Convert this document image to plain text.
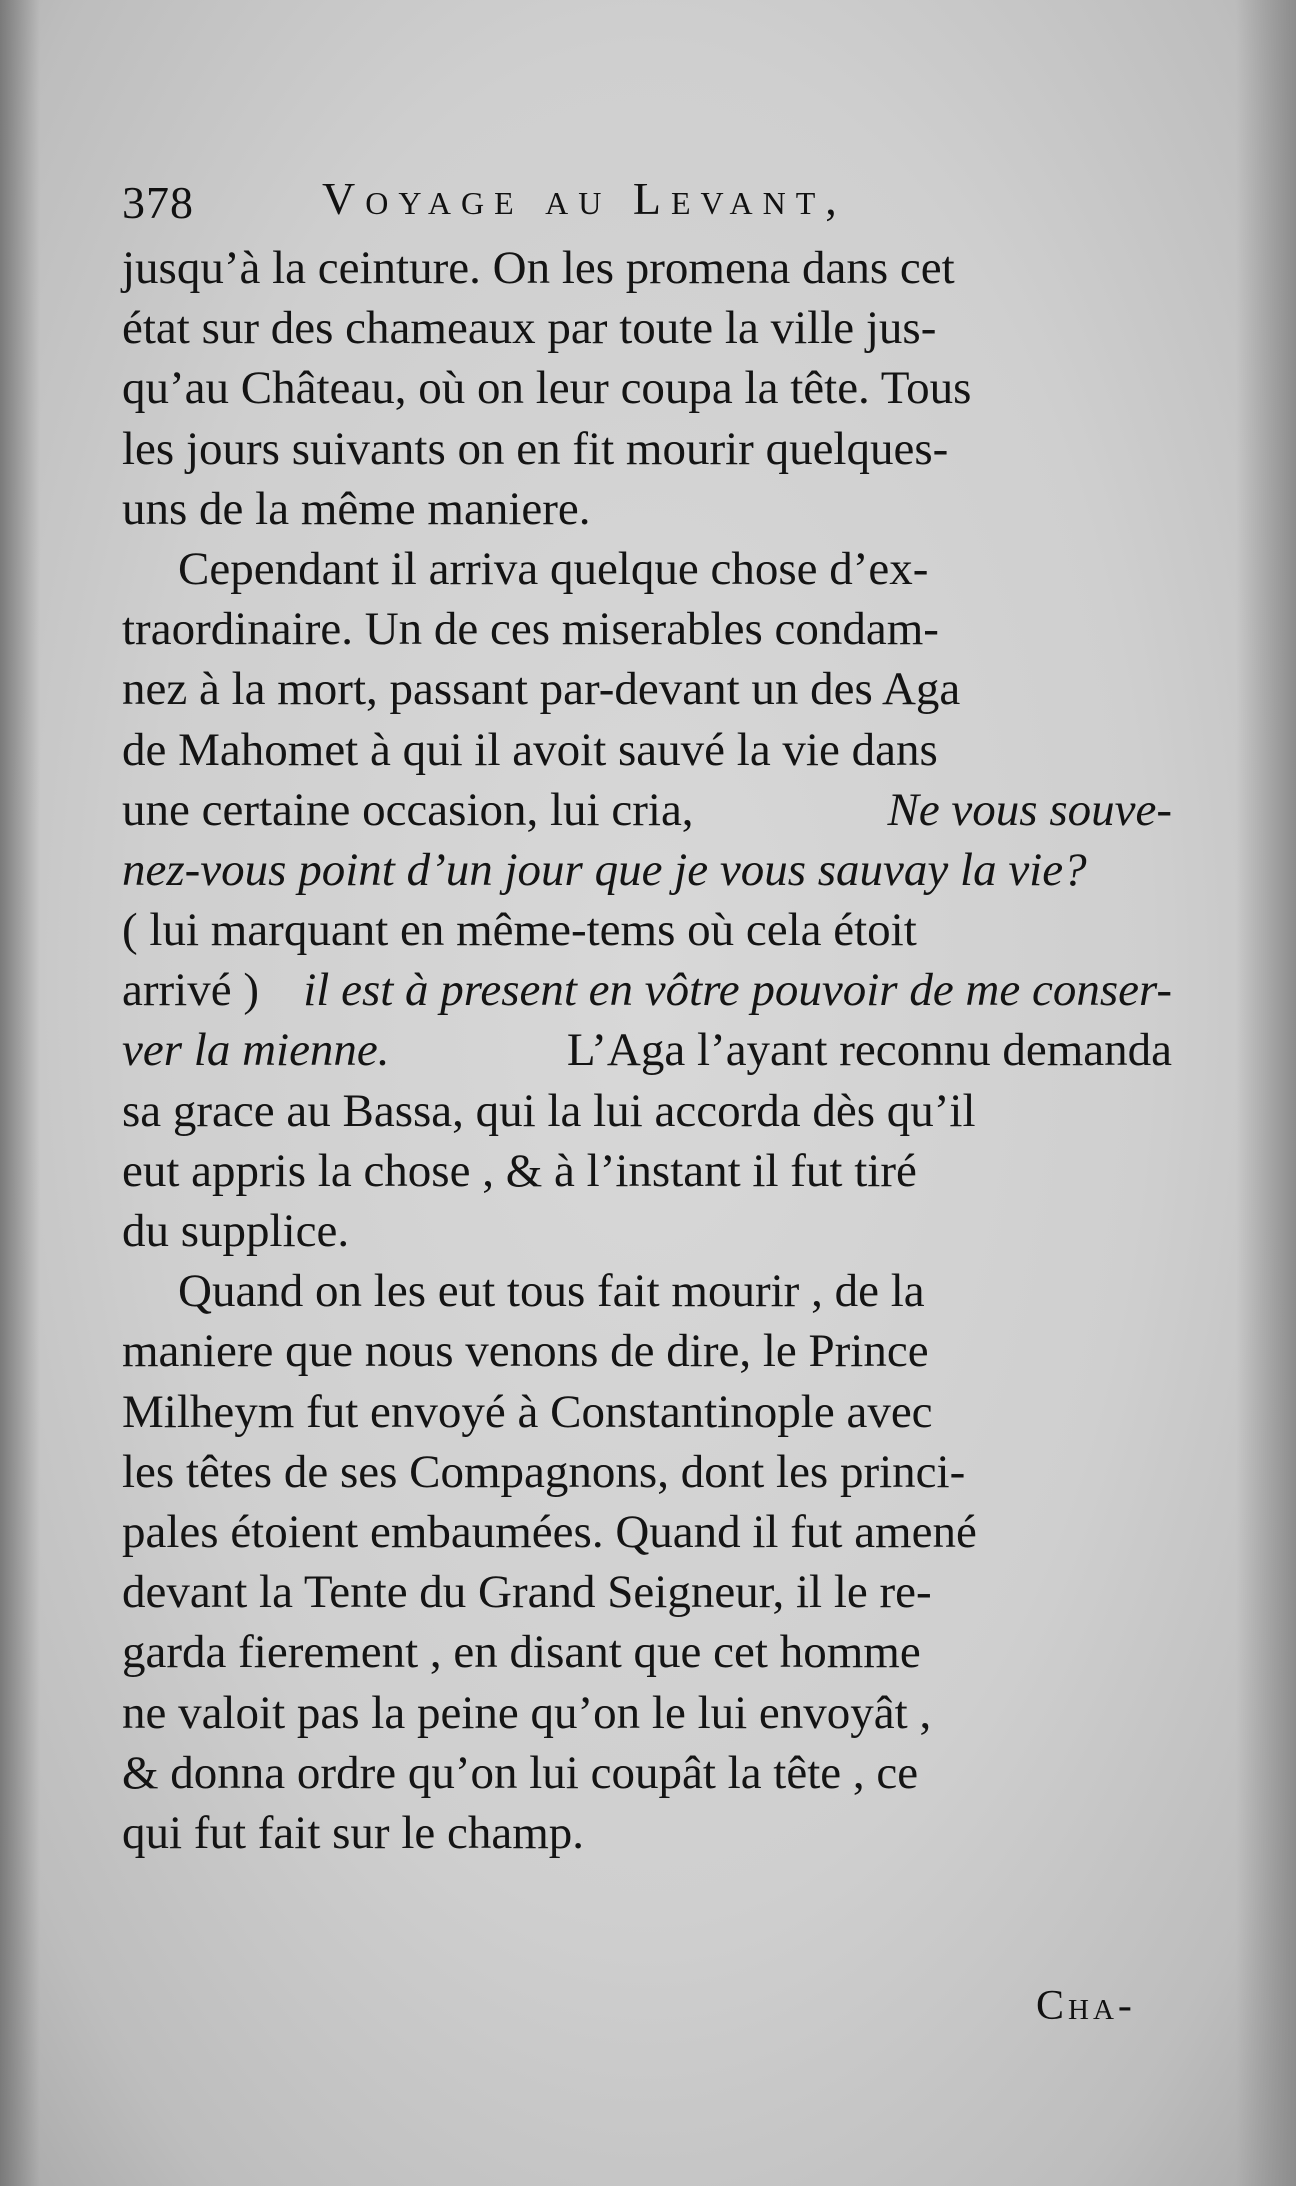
378	Voyage au Levant,
jusqu’à la ceinture. On les promena dans cet
état sur des chameaux par toute la ville jus-
qu’au Château, où on leur coupa la tête. Tous
les jours suivants on en fit mourir quelques-
uns de la même maniere.
Cependant il arriva quelque chose d’ex-
traordinaire. Un de ces miserables condam-
nez à la mort, passant par-devant un des Aga
de Mahomet à qui il avoit sauvé la vie dans
une certaine occasion, lui cria,	Ne vous souve-
nez-vous point d’un jour que je vous sauvay la vie?
( lui marquant en même-tems où cela étoit
arrivé ) il est à present en vôtre pouvoir de me conser-
ver la mienne.	L’Aga l’ayant reconnu demanda
sa grace au Bassa, qui la lui accorda dès qu’il
eut appris la chose , & à l’instant il fut tiré
du supplice.
Quand on les eut tous fait mourir , de la
maniere que nous venons de dire, le Prince
Milheym fut envoyé à Constantinople avec
les têtes de ses Compagnons, dont les princi-
pales étoient embaumées. Quand il fut amené
devant la Tente du Grand Seigneur, il le re-
garda fierement , en disant que cet homme
ne valoit pas la peine qu’on le lui envoyât ,
& donna ordre qu’on lui coupât la tête , ce
qui fut fait sur le champ.
Cha-
